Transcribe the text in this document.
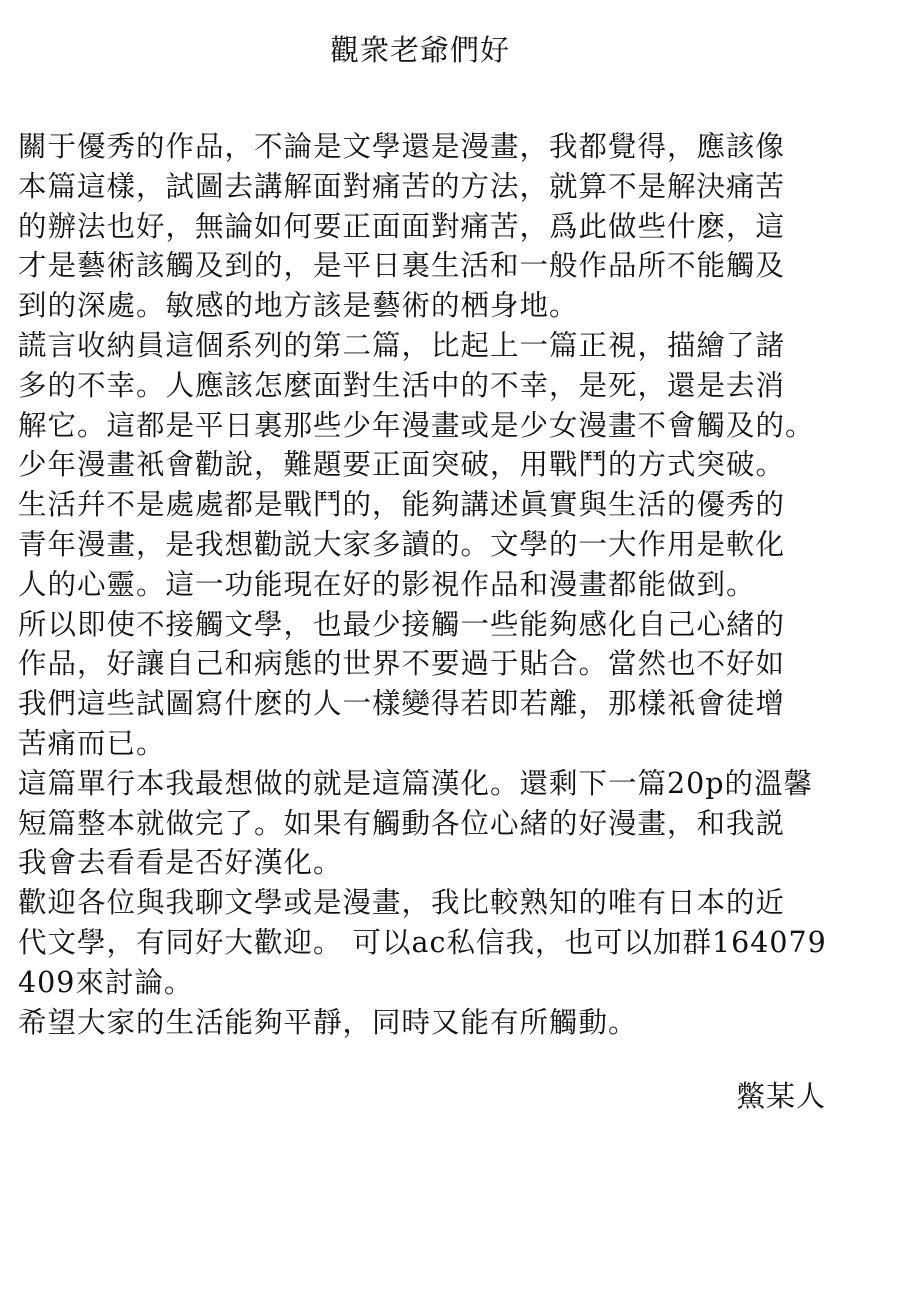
觀衆老爺們好
關于優秀的作品，不論是文學還是漫畫，我都覺得，應該像
本篇這樣，試圖去講解面對痛苦的方法，就算不是解決痛苦
的辦法也好，無論如何要正面面對痛苦，爲此做些什麽，這
才是藝術該觸及到的，是平日裏生活和一般作品所不能觸及
到的深處。敏感的地方該是藝術的栖身地。
謊言收納員這個系列的第二篇，比起上一篇正視，描繪了諸
多的不幸。人應該怎麼面對生活中的不幸，是死，還是去消
解它。這都是平日裏那些少年漫畫或是少女漫畫不會觸及的。
少年漫畫衹會勸說，難題要正面突破，用戰鬥的方式突破。
生活幷不是處處都是戰鬥的，能夠講述眞實與生活的優秀的
青年漫畫，是我想勸説大家多讀的。文學的一大作用是軟化
人的心靈。這一功能現在好的影視作品和漫畫都能做到。
所以即使不接觸文學，也最少接觸一些能夠感化自己心緒的
作品，好讓自己和病態的世界不要過于貼合。當然也不好如
我們這些試圖寫什麽的人一樣變得若即若離，那樣衹會徒增
苦痛而已。
這篇單行本我最想做的就是這篇漢化。還剩下一篇20p的溫馨
短篇整本就做完了。如果有觸動各位心緒的好漫畫，和我説
我會去看看是否好漢化。
歡迎各位與我聊文學或是漫畫，我比較熟知的唯有日本的近
代文學，有同好大歡迎。 可以ac私信我，也可以加群164079
409來討論。
希望大家的生活能夠平靜，同時又能有所觸動。
鱉某人
